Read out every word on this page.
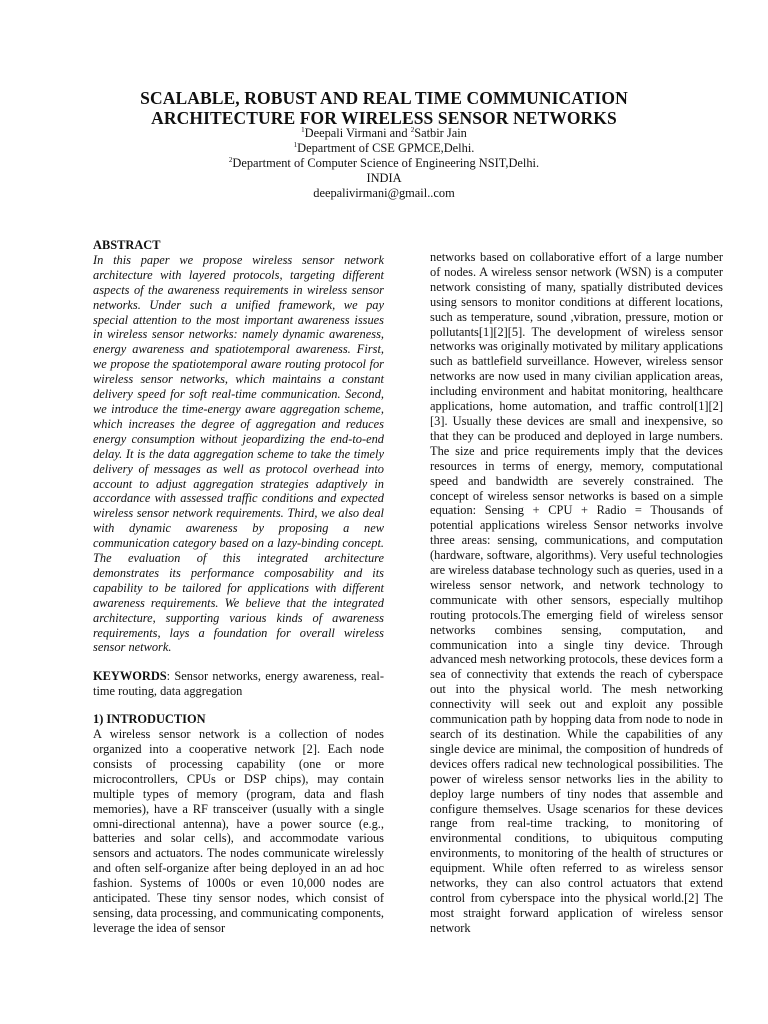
SCALABLE, ROBUST AND REAL TIME COMMUNICATION
ARCHITECTURE FOR WIRELESS SENSOR NETWORKS
$^1$Deepali Virmani and $^2$Satbir Jain
$^1$Department of CSE GPMCE,Delhi.
$^2$Department of Computer Science of Engineering NSIT,Delhi.
INDIA
deepalivirmani@gmail..com

ABSTRACT

In this paper we propose wireless sensor network architecture with layered protocols, targeting different aspects of the awareness requirements in wireless sensor networks. Under such a unified framework, we pay special attention to the most important awareness issues in wireless sensor networks: namely dynamic awareness, energy awareness and spatiotemporal awareness. First, we propose the spatiotemporal aware routing protocol for wireless sensor networks, which maintains a constant delivery speed for soft real-time communication. Second, we introduce the time-energy aware aggregation scheme, which increases the degree of aggregation and reduces energy consumption without jeopardizing the end-to-end delay. It is the data aggregation scheme to take the timely delivery of messages as well as protocol overhead into account to adjust aggregation strategies adaptively in accordance with assessed traffic conditions and expected wireless sensor network requirements. Third, we also deal with dynamic awareness by proposing a new communication category based on a lazy-binding concept. The evaluation of this integrated architecture demonstrates its performance composability and its capability to be tailored for applications with different awareness requirements. We believe that the integrated architecture, supporting various kinds of awareness requirements, lays a foundation for overall wireless sensor network.

KEYWORDS: Sensor networks, energy awareness, real-time routing, data aggregation

1) INTRODUCTION

A wireless sensor network is a collection of nodes organized into a cooperative network [2]. Each node consists of processing capability (one or more microcontrollers, CPUs or DSP chips), may contain multiple types of memory (program, data and flash memories), have a RF transceiver (usually with a single omni-directional antenna), have a power source (e.g., batteries and solar cells), and accommodate various sensors and actuators. The nodes communicate wirelessly and often self-organize after being deployed in an ad hoc fashion. Systems of 1000s or even 10,000 nodes are anticipated. These tiny sensor nodes, which consist of sensing, data processing, and communicating components, leverage the idea of sensor

networks based on collaborative effort of a large number of nodes. A wireless sensor network (WSN) is a computer network consisting of many, spatially distributed devices using sensors to monitor conditions at different locations, such as temperature, sound ,vibration, pressure, motion or pollutants[1][2][5]. The development of wireless sensor networks was originally motivated by military applications such as battlefield surveillance. However, wireless sensor networks are now used in many civilian application areas, including environment and habitat monitoring, healthcare applications, home automation, and traffic control[1][2][3]. Usually these devices are small and inexpensive, so that they can be produced and deployed in large numbers. The size and price requirements imply that the devices resources in terms of energy, memory, computational speed and bandwidth are severely constrained. The concept of wireless sensor networks is based on a simple equation: Sensing + CPU + Radio = Thousands of potential applications wireless Sensor networks involve three areas: sensing, communications, and computation (hardware, software, algorithms). Very useful technologies are wireless database technology such as queries, used in a wireless sensor network, and network technology to communicate with other sensors, especially multihop routing protocols.The emerging field of wireless sensor networks combines sensing, computation, and communication into a single tiny device. Through advanced mesh networking protocols, these devices form a sea of connectivity that extends the reach of cyberspace out into the physical world. The mesh networking connectivity will seek out and exploit any possible communication path by hopping data from node to node in search of its destination. While the capabilities of any single device are minimal, the composition of hundreds of devices offers radical new technological possibilities. The power of wireless sensor networks lies in the ability to deploy large numbers of tiny nodes that assemble and configure themselves. Usage scenarios for these devices range from real-time tracking, to monitoring of environmental conditions, to ubiquitous computing environments, to monitoring of the health of structures or equipment. While often referred to as wireless sensor networks, they can also control actuators that extend control from cyberspace into the physical world.[2] The most straight forward application of wireless sensor network
